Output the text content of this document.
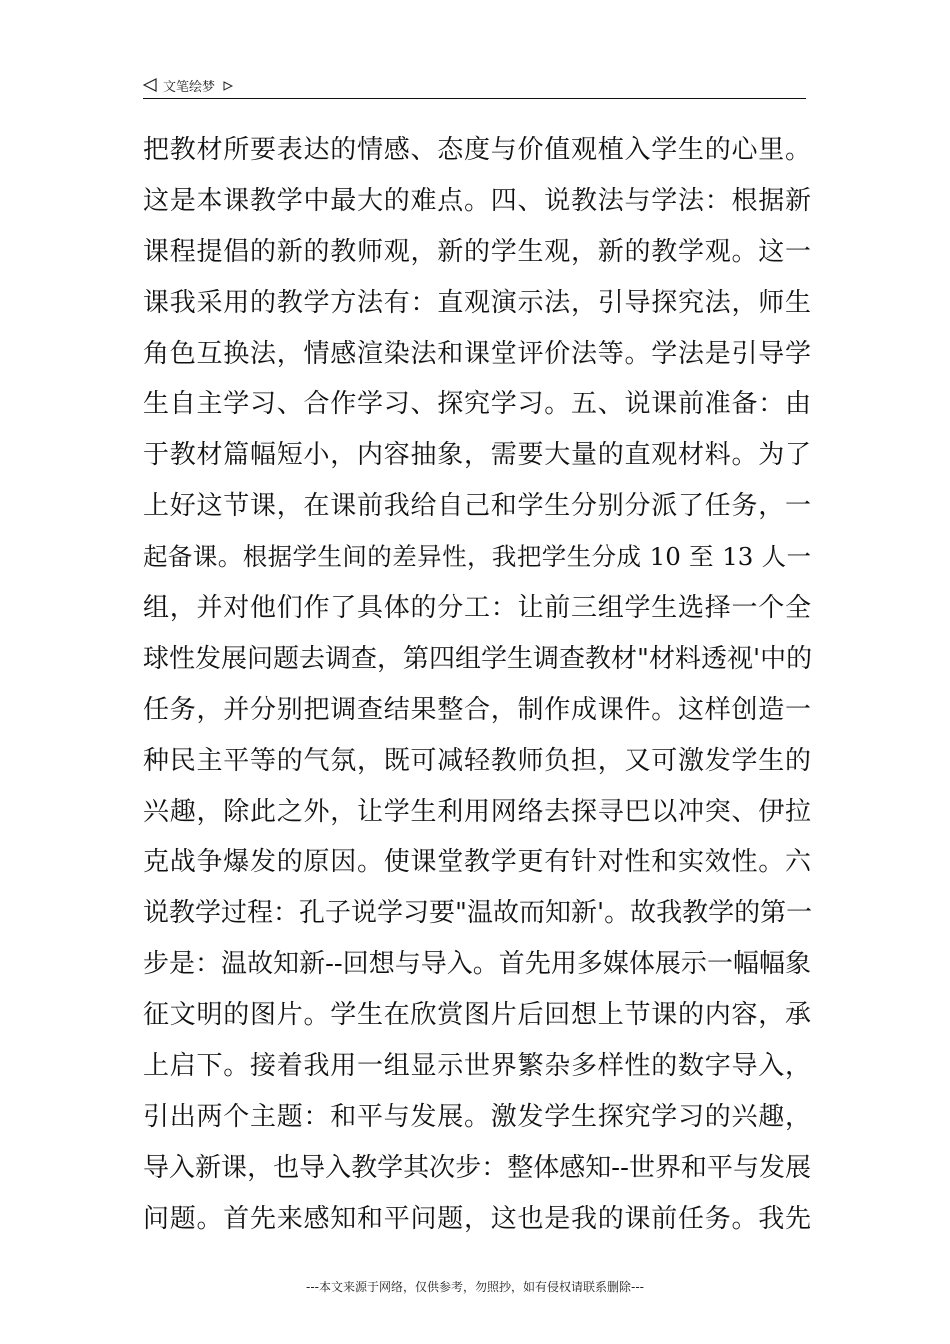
文笔绘梦
把教材所要表达的情感、态度与价值观植入学生的心里。
这是本课教学中最大的难点。四、说教法与学法：根据新
课程提倡的新的教师观，新的学生观，新的教学观。这一
课我采用的教学方法有：直观演示法，引导探究法，师生
角色互换法，情感渲染法和课堂评价法等。学法是引导学
生自主学习、合作学习、探究学习。五、说课前准备：由
于教材篇幅短小，内容抽象，需要大量的直观材料。为了
上好这节课，在课前我给自己和学生分别分派了任务，一
起备课。根据学生间的差异性，我把学生分成 10 至 13 人一
组，并对他们作了具体的分工：让前三组学生选择一个全
球性发展问题去调查，第四组学生调查教材"材料透视'中的
任务，并分别把调查结果整合，制作成课件。这样创造一
种民主平等的气氛，既可减轻教师负担，又可激发学生的
兴趣，除此之外，让学生利用网络去探寻巴以冲突、伊拉
克战争爆发的原因。使课堂教学更有针对性和实效性。六
说教学过程：孔子说学习要"温故而知新'。故我教学的第一
步是：温故知新--回想与导入。首先用多媒体展示一幅幅象
征文明的图片。学生在欣赏图片后回想上节课的内容，承
上启下。接着我用一组显示世界繁杂多样性的数字导入，
引出两个主题：和平与发展。激发学生探究学习的兴趣，
导入新课，也导入教学其次步：整体感知--世界和平与发展
问题。首先来感知和平问题，这也是我的课前任务。我先
---本文来源于网络，仅供参考，勿照抄，如有侵权请联系删除---
